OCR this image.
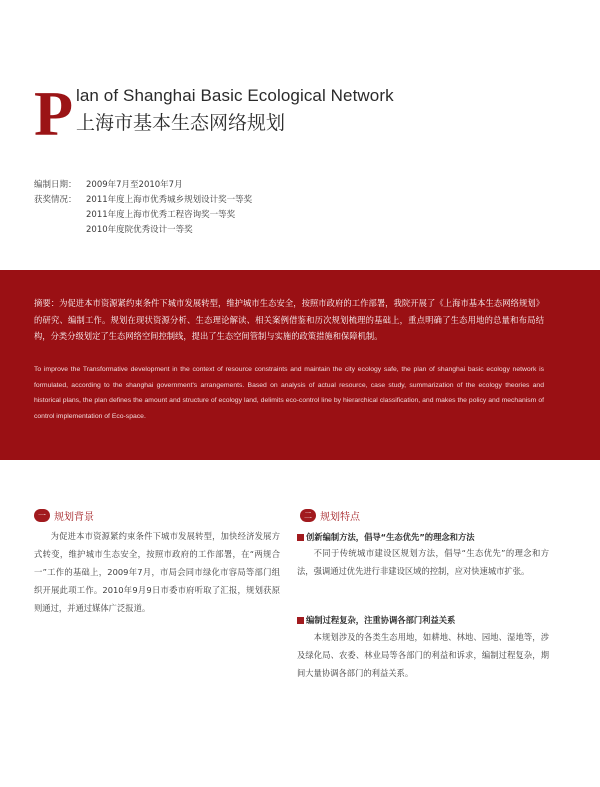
P lan of Shanghai Basic Ecological Network
上海市基本生态网络规划
编制日期：	2009年7月至2010年7月
获奖情况：	2011年度上海市优秀城乡规划设计奖一等奖
2011年度上海市优秀工程咨询奖一等奖
2010年度院优秀设计一等奖
摘要：为促进本市资源紧约束条件下城市发展转型，维护城市生态安全，按照市政府的工作部署，我院开展了《上海市基本生态网络规划》的研究、编制工作。规划在现状资源分析、生态理论解读、相关案例借鉴和历次规划梳理的基础上，重点明确了生态用地的总量和布局结构，分类分级划定了生态网络空间控制线，提出了生态空间管制与实施的政策措施和保障机制。
To improve the Transformative development in the context of resource constraints and maintain the city ecology safe, the plan of shanghai basic ecology network is formulated, according to the shanghai government's arrangements. Based on analysis of actual resource, case study, summarization of the ecology theories and historical plans, the plan defines the amount and structure of ecology land, delimits eco-control line by hierarchical classification, and makes the policy and mechanism of control implementation of Eco-space.
一 规划背景
为促进本市资源紧约束条件下城市发展转型，加快经济发展方式转变，维护城市生态安全，按照市政府的工作部署，在“两规合一”工作的基础上，2009年7月，市局会同市绿化市容局等部门组织开展此项工作。2010年9月9日市委市府听取了汇报，规划获原则通过，并通过媒体广泛报道。
二 规划特点
创新编制方法，倡导“生态优先”的理念和方法
不同于传统城市建设区规划方法，倡导“生态优先”的理念和方法，强调通过优先进行非建设区域的控制，应对快速城市扩张。
编制过程复杂，注重协调各部门利益关系
本规划涉及的各类生态用地，如耕地、林地、园地、湿地等，涉及绿化局、农委、林业局等各部门的利益和诉求，编制过程复杂，期间大量协调各部门的利益关系。
